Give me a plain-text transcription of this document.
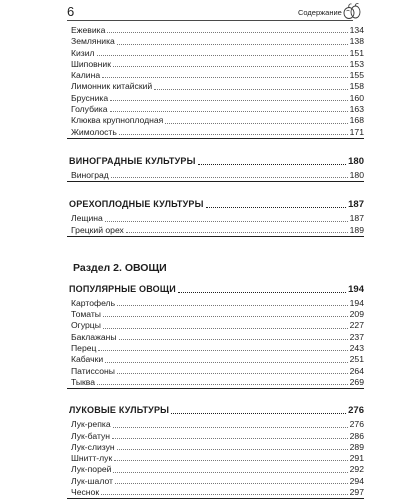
6	Содержание
Ежевика	134
Земляника	138
Кизил	151
Шиповник	153
Калина	155
Лимонник китайский	158
Брусника	160
Голубика	163
Клюква крупноплодная	168
Жимолость	171
ВИНОГРАДНЫЕ КУЛЬТУРЫ	180
Виноград	180
ОРЕХОПЛОДНЫЕ КУЛЬТУРЫ	187
Лещина	187
Грецкий орех	189
Раздел 2. ОВОЩИ
ПОПУЛЯРНЫЕ ОВОЩИ	194
Картофель	194
Томаты	209
Огурцы	227
Баклажаны	237
Перец	243
Кабачки	251
Патиссоны	264
Тыква	269
ЛУКОВЫЕ КУЛЬТУРЫ	276
Лук-репка	276
Лук-батун	286
Лук-слизун	289
Шнитт-лук	291
Лук-порей	292
Лук-шалот	294
Чеснок	297
